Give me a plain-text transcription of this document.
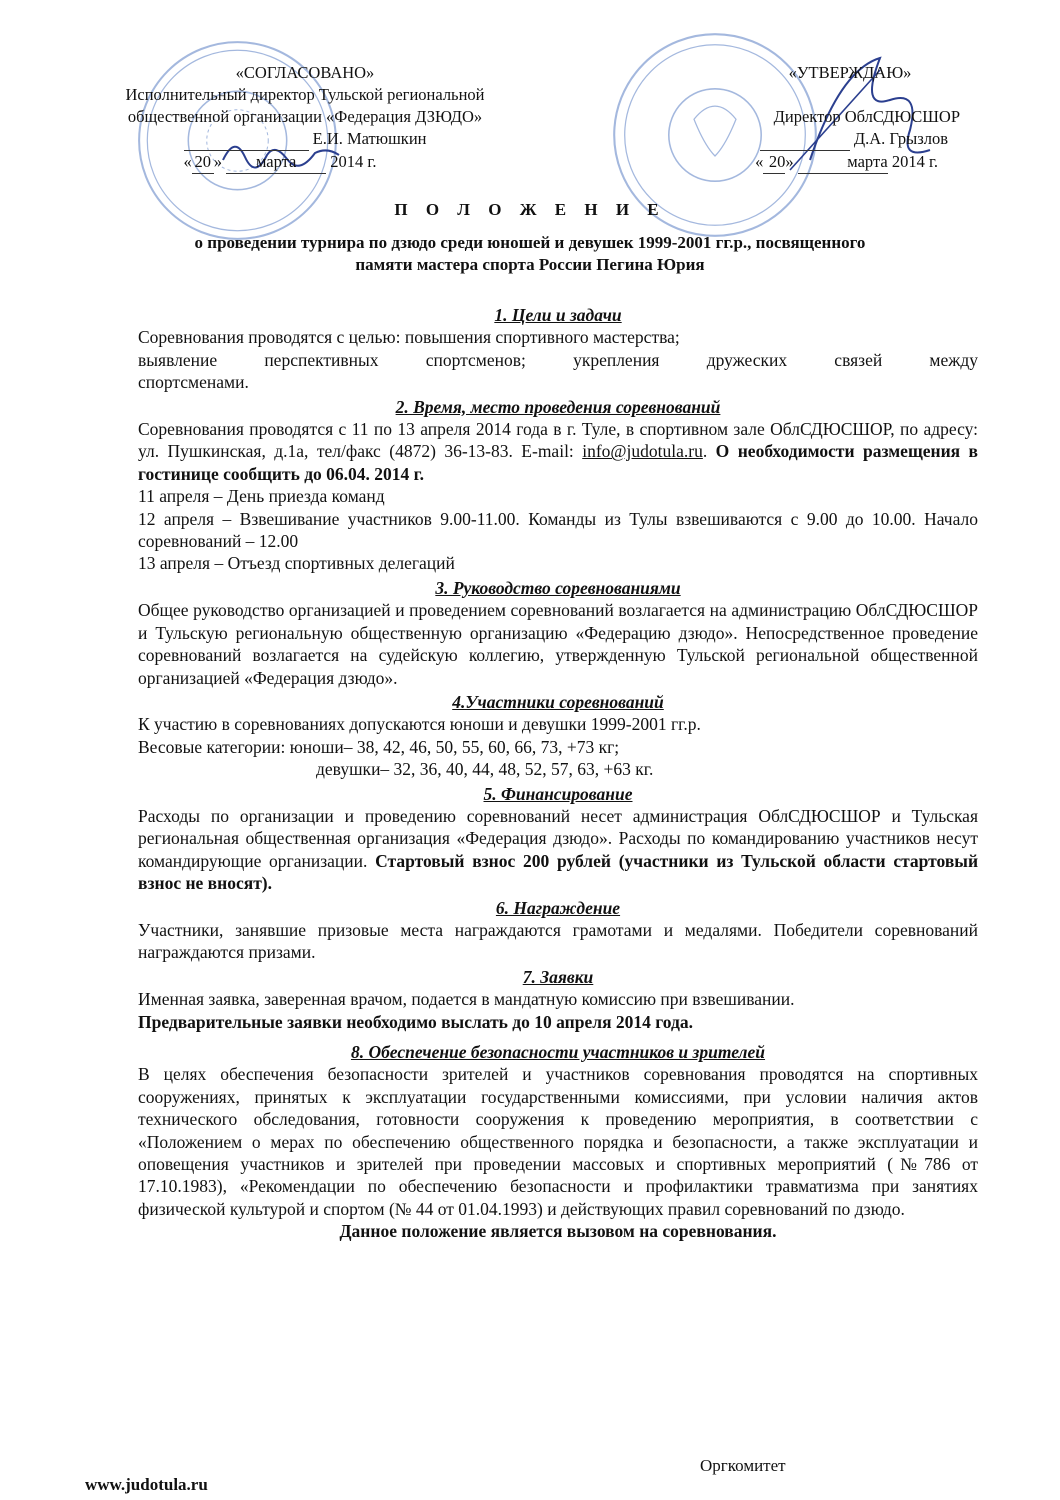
«СОГЛАСОВАНО»
Исполнительный директор Тульской региональной
общественной организации «Федерация ДЗЮДО»
Е.И. Матюшкин
« 20 » марта 2014 г.
«УТВЕРЖДАЮ»
Директор ОблСДЮСШОР
Д.А. Грызлов
« 20»	марта 2014 г.
П О Л О Ж Е Н И Е
о проведении турнира по дзюдо среди юношей и девушек 1999-2001 гг.р., посвященного
памяти мастера спорта России Пегина Юрия
1. Цели и задачи

Соревнования проводятся с целью: повышения спортивного мастерства;

выявление перспективных спортсменов; укрепления дружеских связей между

спортсменами.

2. Время, место проведения соревнований

Соревнования проводятся с 11 по 13 апреля 2014 года в г. Туле, в спортивном зале ОблСДЮСШОР, по адресу: ул. Пушкинская, д.1а, тел/факс (4872) 36-13-83. E-mail: info@judotula.ru. О необходимости размещения в гостинице сообщить до 06.04. 2014 г.

11 апреля – День приезда команд

12 апреля – Взвешивание участников 9.00-11.00. Команды из Тулы взвешиваются с 9.00 до 10.00. Начало соревнований – 12.00

13 апреля – Отъезд спортивных делегаций

3. Руководство соревнованиями

Общее руководство организацией и проведением соревнований возлагается на администрацию ОблСДЮСШОР и Тульскую региональную общественную организацию «Федерацию дзюдо». Непосредственное проведение соревнований возлагается на судейскую коллегию, утвержденную Тульской региональной общественной организацией «Федерация дзюдо».

4.Участники соревнований

К участию в соревнованиях допускаются юноши и девушки 1999-2001 гг.р.

Весовые категории: юноши– 38, 42, 46, 50, 55, 60, 66, 73, +73 кг;

девушки– 32, 36, 40, 44, 48, 52, 57, 63, +63 кг.

5. Финансирование

Расходы по организации и проведению соревнований несет администрация ОблСДЮСШОР и Тульская региональная общественная организация «Федерация дзюдо». Расходы по командированию участников несут командирующие организации. Стартовый взнос 200 рублей (участники из Тульской области стартовый взнос не вносят).

6. Награждение

Участники, занявшие призовые места награждаются грамотами и медалями. Победители соревнований награждаются призами.

7. Заявки

Именная заявка, заверенная врачом, подается в мандатную комиссию при взвешивании.

Предварительные заявки необходимо выслать до 10 апреля 2014 года.

8. Обеспечение безопасности участников и зрителей

В целях обеспечения безопасности зрителей и участников соревнования проводятся на спортивных сооружениях, принятых к эксплуатации государственными комиссиями, при условии наличия актов технического обследования, готовности сооружения к проведению мероприятия, в соответствии с «Положением о мерах по обеспечению общественного порядка и безопасности, а также эксплуатации и оповещения участников и зрителей при проведении массовых и спортивных мероприятий (№786 от 17.10.1983), «Рекомендации по обеспечению безопасности и профилактики травматизма при занятиях физической культурой и спортом (№ 44 от 01.04.1993) и действующих правил соревнований по дзюдо.

Данное положение является вызовом на соревнования.

Оргкомитет
www.judotula.ru
